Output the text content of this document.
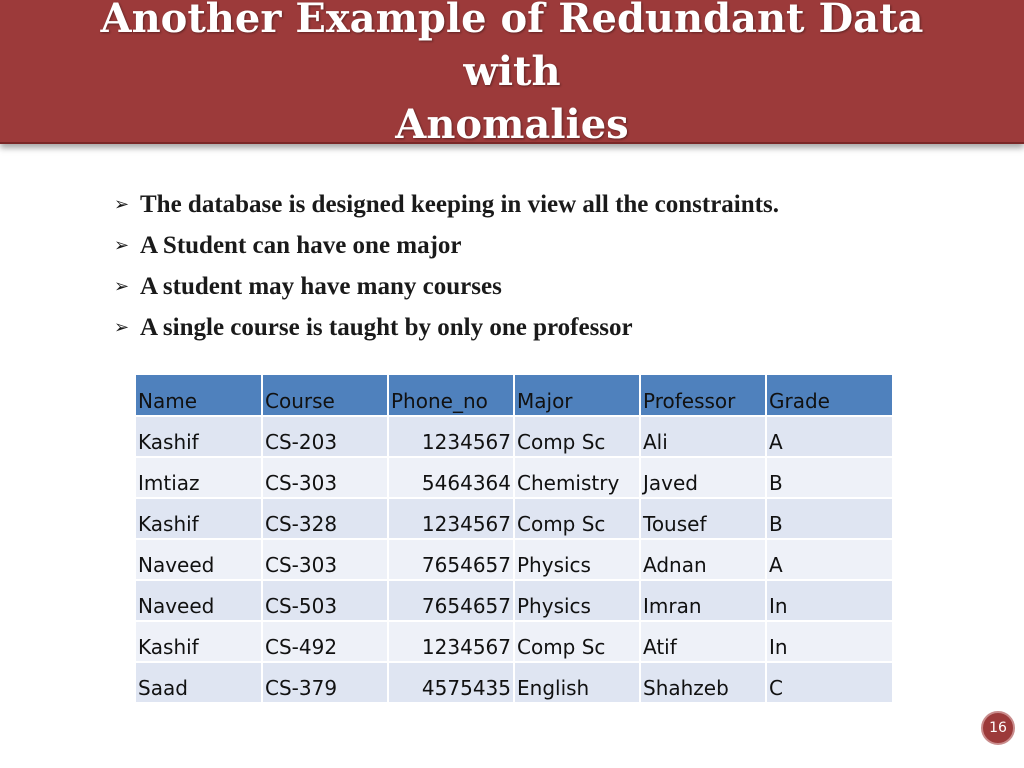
Another Example of Redundant Data with
Anomalies
➢ The database is designed keeping in view all the constraints.
➢ A Student can have one major
➢ A student may have many courses
➢ A single course is taught by only one professor
Name	Course	Phone_no	Major	Professor	Grade
Kashif	CS-203	1234567	Comp Sc	Ali	A
Imtiaz	CS-303	5464364	Chemistry	Javed	B
Kashif	CS-328	1234567	Comp Sc	Tousef	B
Naveed	CS-303	7654657	Physics	Adnan	A
Naveed	CS-503	7654657	Physics	Imran	In
Kashif	CS-492	1234567	Comp Sc	Atif	In
Saad	CS-379	4575435	English	Shahzeb	C
16
